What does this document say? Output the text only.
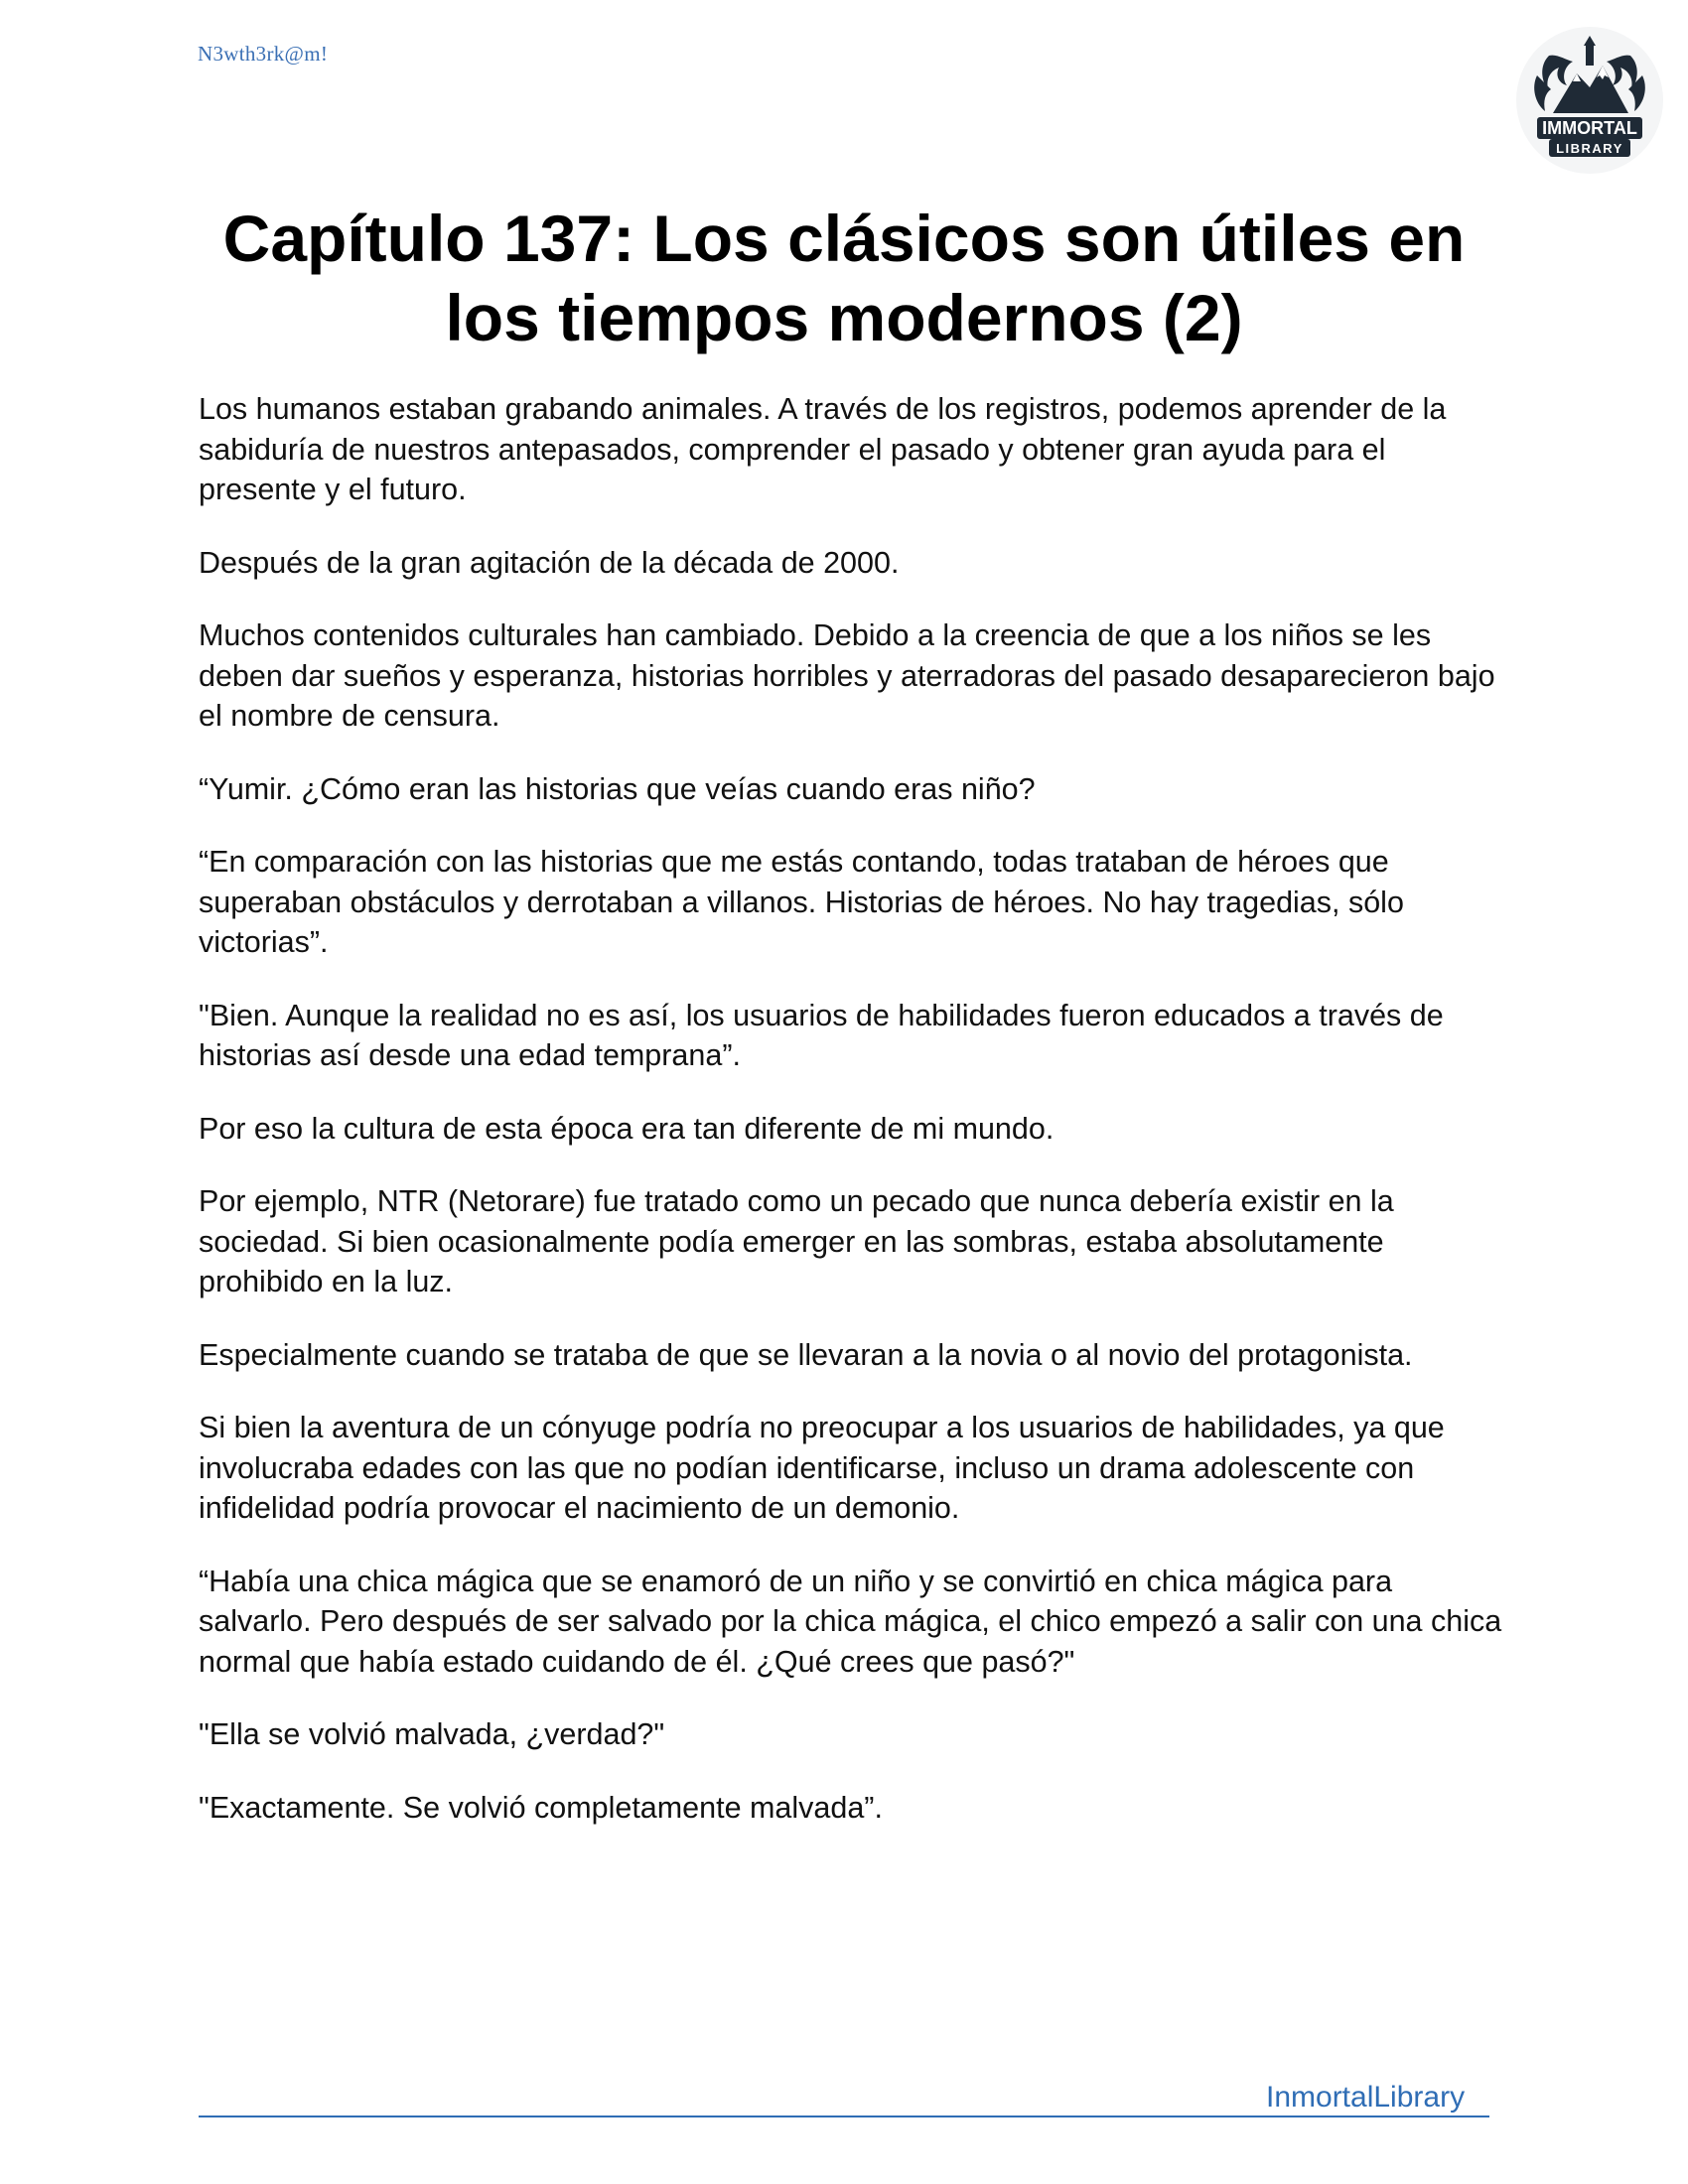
N3wth3rk@m!
IMMORTAL
LIBRARY
Capítulo 137: Los clásicos son útiles en
los tiempos modernos (2)

Los humanos estaban grabando animales. A través de los registros, podemos aprender de la sabiduría de nuestros antepasados, comprender el pasado y obtener gran ayuda para el presente y el futuro.

Después de la gran agitación de la década de 2000.

Muchos contenidos culturales han cambiado. Debido a la creencia de que a los niños se les deben dar sueños y esperanza, historias horribles y aterradoras del pasado desaparecieron bajo el nombre de censura.

“Yumir. ¿Cómo eran las historias que veías cuando eras niño?

“En comparación con las historias que me estás contando, todas trataban de héroes que superaban obstáculos y derrotaban a villanos. Historias de héroes. No hay tragedias, sólo victorias”.

"Bien. Aunque la realidad no es así, los usuarios de habilidades fueron educados a través de historias así desde una edad temprana”.

Por eso la cultura de esta época era tan diferente de mi mundo.

Por ejemplo, NTR (Netorare) fue tratado como un pecado que nunca debería existir en la sociedad. Si bien ocasionalmente podía emerger en las sombras, estaba absolutamente prohibido en la luz.

Especialmente cuando se trataba de que se llevaran a la novia o al novio del protagonista.

Si bien la aventura de un cónyuge podría no preocupar a los usuarios de habilidades, ya que involucraba edades con las que no podían identificarse, incluso un drama adolescente con infidelidad podría provocar el nacimiento de un demonio.

“Había una chica mágica que se enamoró de un niño y se convirtió en chica mágica para salvarlo. Pero después de ser salvado por la chica mágica, el chico empezó a salir con una chica normal que había estado cuidando de él. ¿Qué crees que pasó?"

"Ella se volvió malvada, ¿verdad?"

"Exactamente. Se volvió completamente malvada”.

InmortalLibrary
